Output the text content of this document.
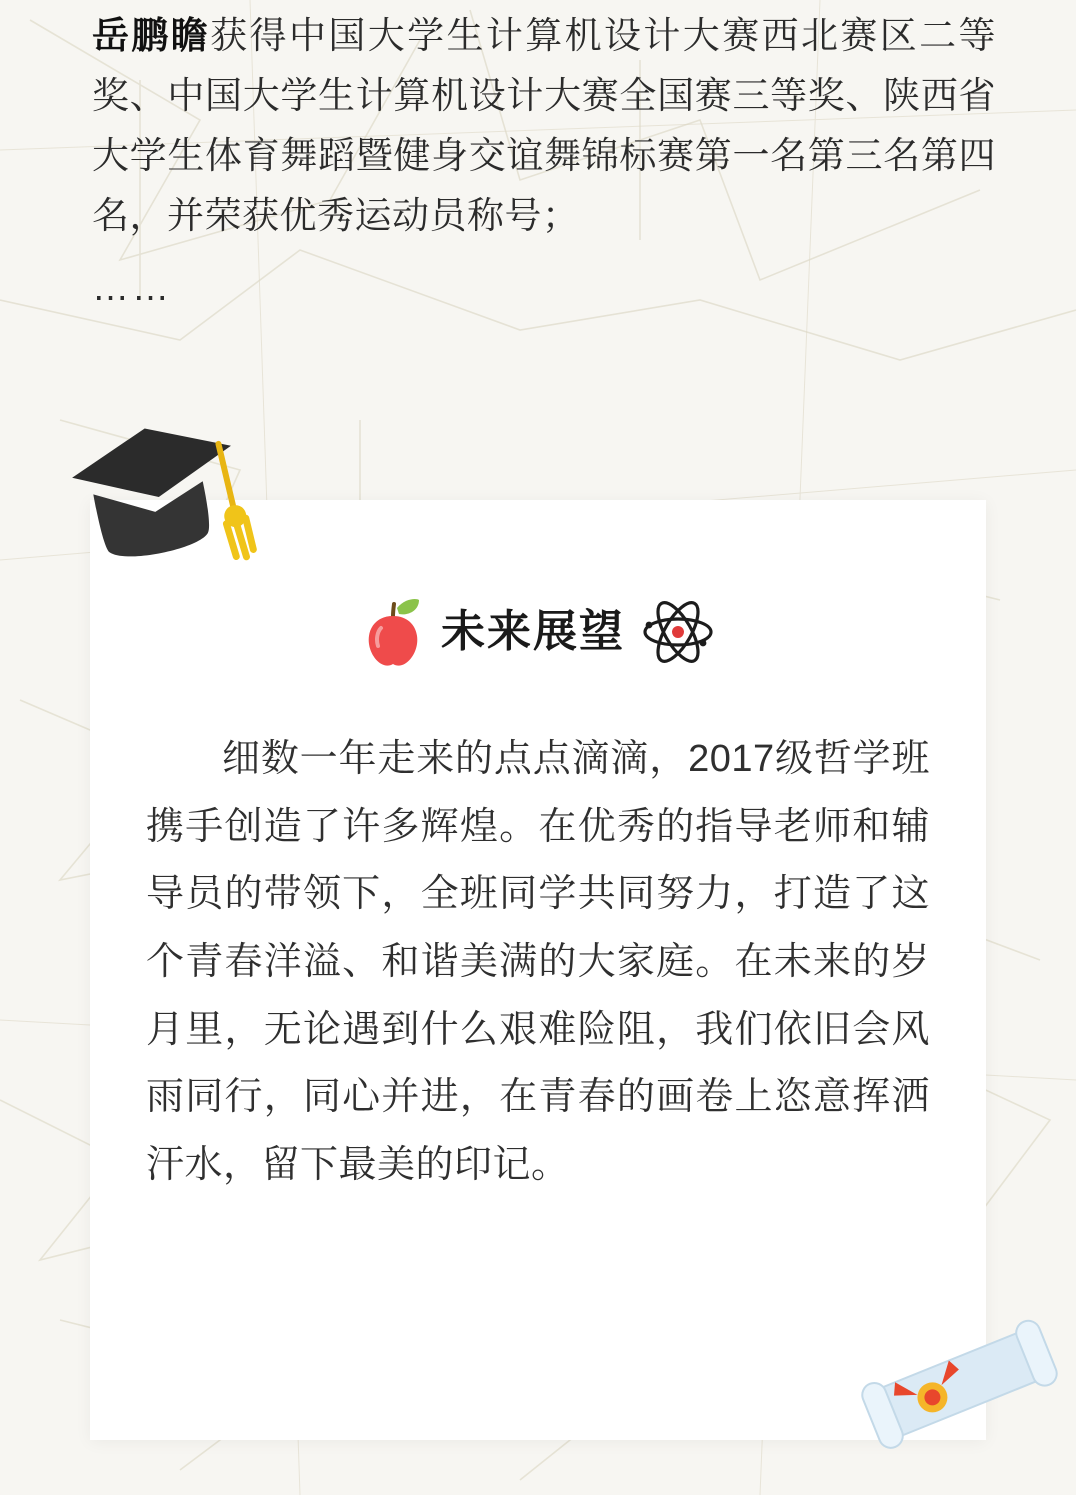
岳鹏瞻获得中国大学生计算机设计大赛西北赛区二等奖、中国大学生计算机设计大赛全国赛三等奖、陕西省大学生体育舞蹈暨健身交谊舞锦标赛第一名第三名第四名，并荣获优秀运动员称号；

……

未来展望

细数一年走来的点点滴滴，2017级哲学班携手创造了许多辉煌。在优秀的指导老师和辅导员的带领下，全班同学共同努力，打造了这个青春洋溢、和谐美满的大家庭。在未来的岁月里，无论遇到什么艰难险阻，我们依旧会风雨同行，同心并进，在青春的画卷上恣意挥洒汗水，留下最美的印记。
